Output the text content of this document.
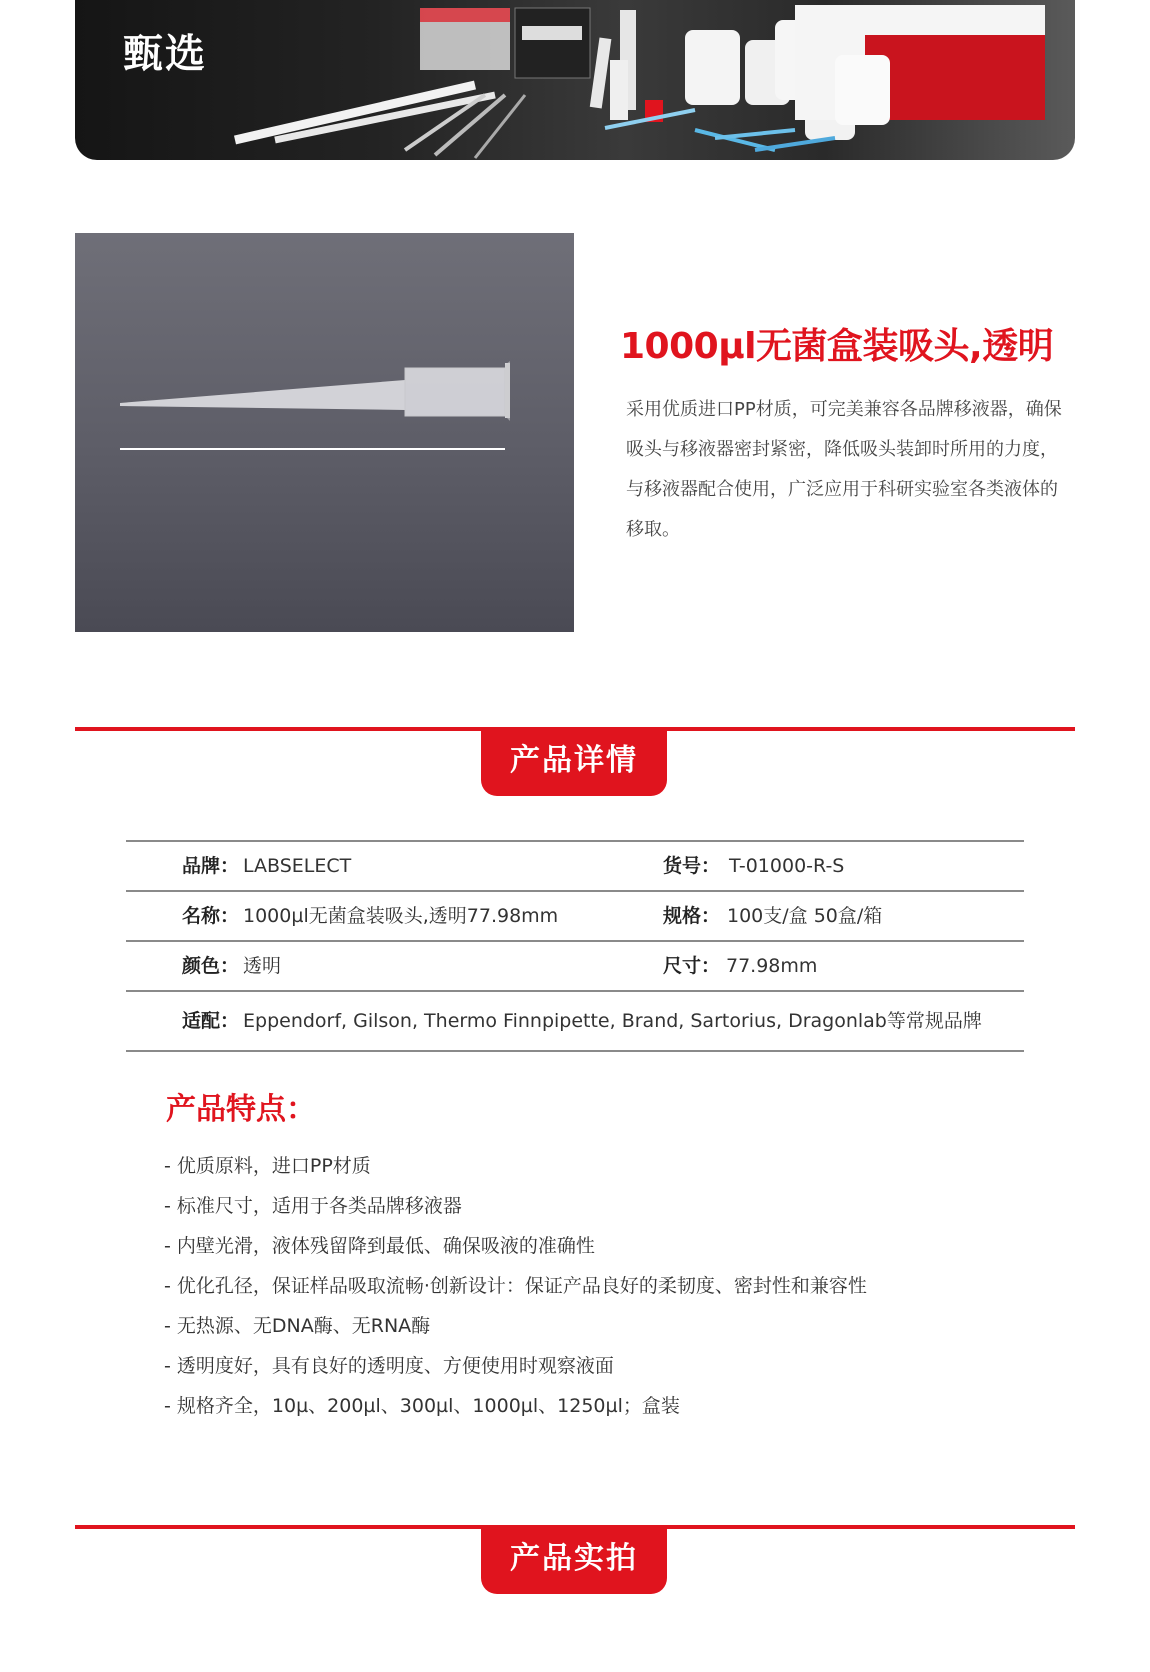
甄选
78mm
1000µl无菌盒装吸头,透明
采用优质进口PP材质，可完美兼容各品牌移液器，确保吸头与移液器密封紧密，降低吸头装卸时所用的力度，与移液器配合使用，广泛应用于科研实验室各类液体的移取。
产品详情
品牌： LABSELECT	货号： T-01000-R-S
名称： 1000µl无菌盒装吸头,透明77.98mm	规格： 100支/盒 50盒/箱
颜色： 透明	尺寸： 77.98mm
适配： Eppendorf, Gilson, Thermo Finnpipette, Brand, Sartorius, Dragonlab等常规品牌
产品特点：
- 优质原料，进口PP材质
- 标准尺寸，适用于各类品牌移液器
- 内壁光滑，液体残留降到最低、确保吸液的准确性
- 优化孔径，保证样品吸取流畅·创新设计：保证产品良好的柔韧度、密封性和兼容性
- 无热源、无DNA酶、无RNA酶
- 透明度好，具有良好的透明度、方便使用时观察液面
- 规格齐全，10µ、200µl、300µl、1000µl、1250µl；盒装
产品实拍
